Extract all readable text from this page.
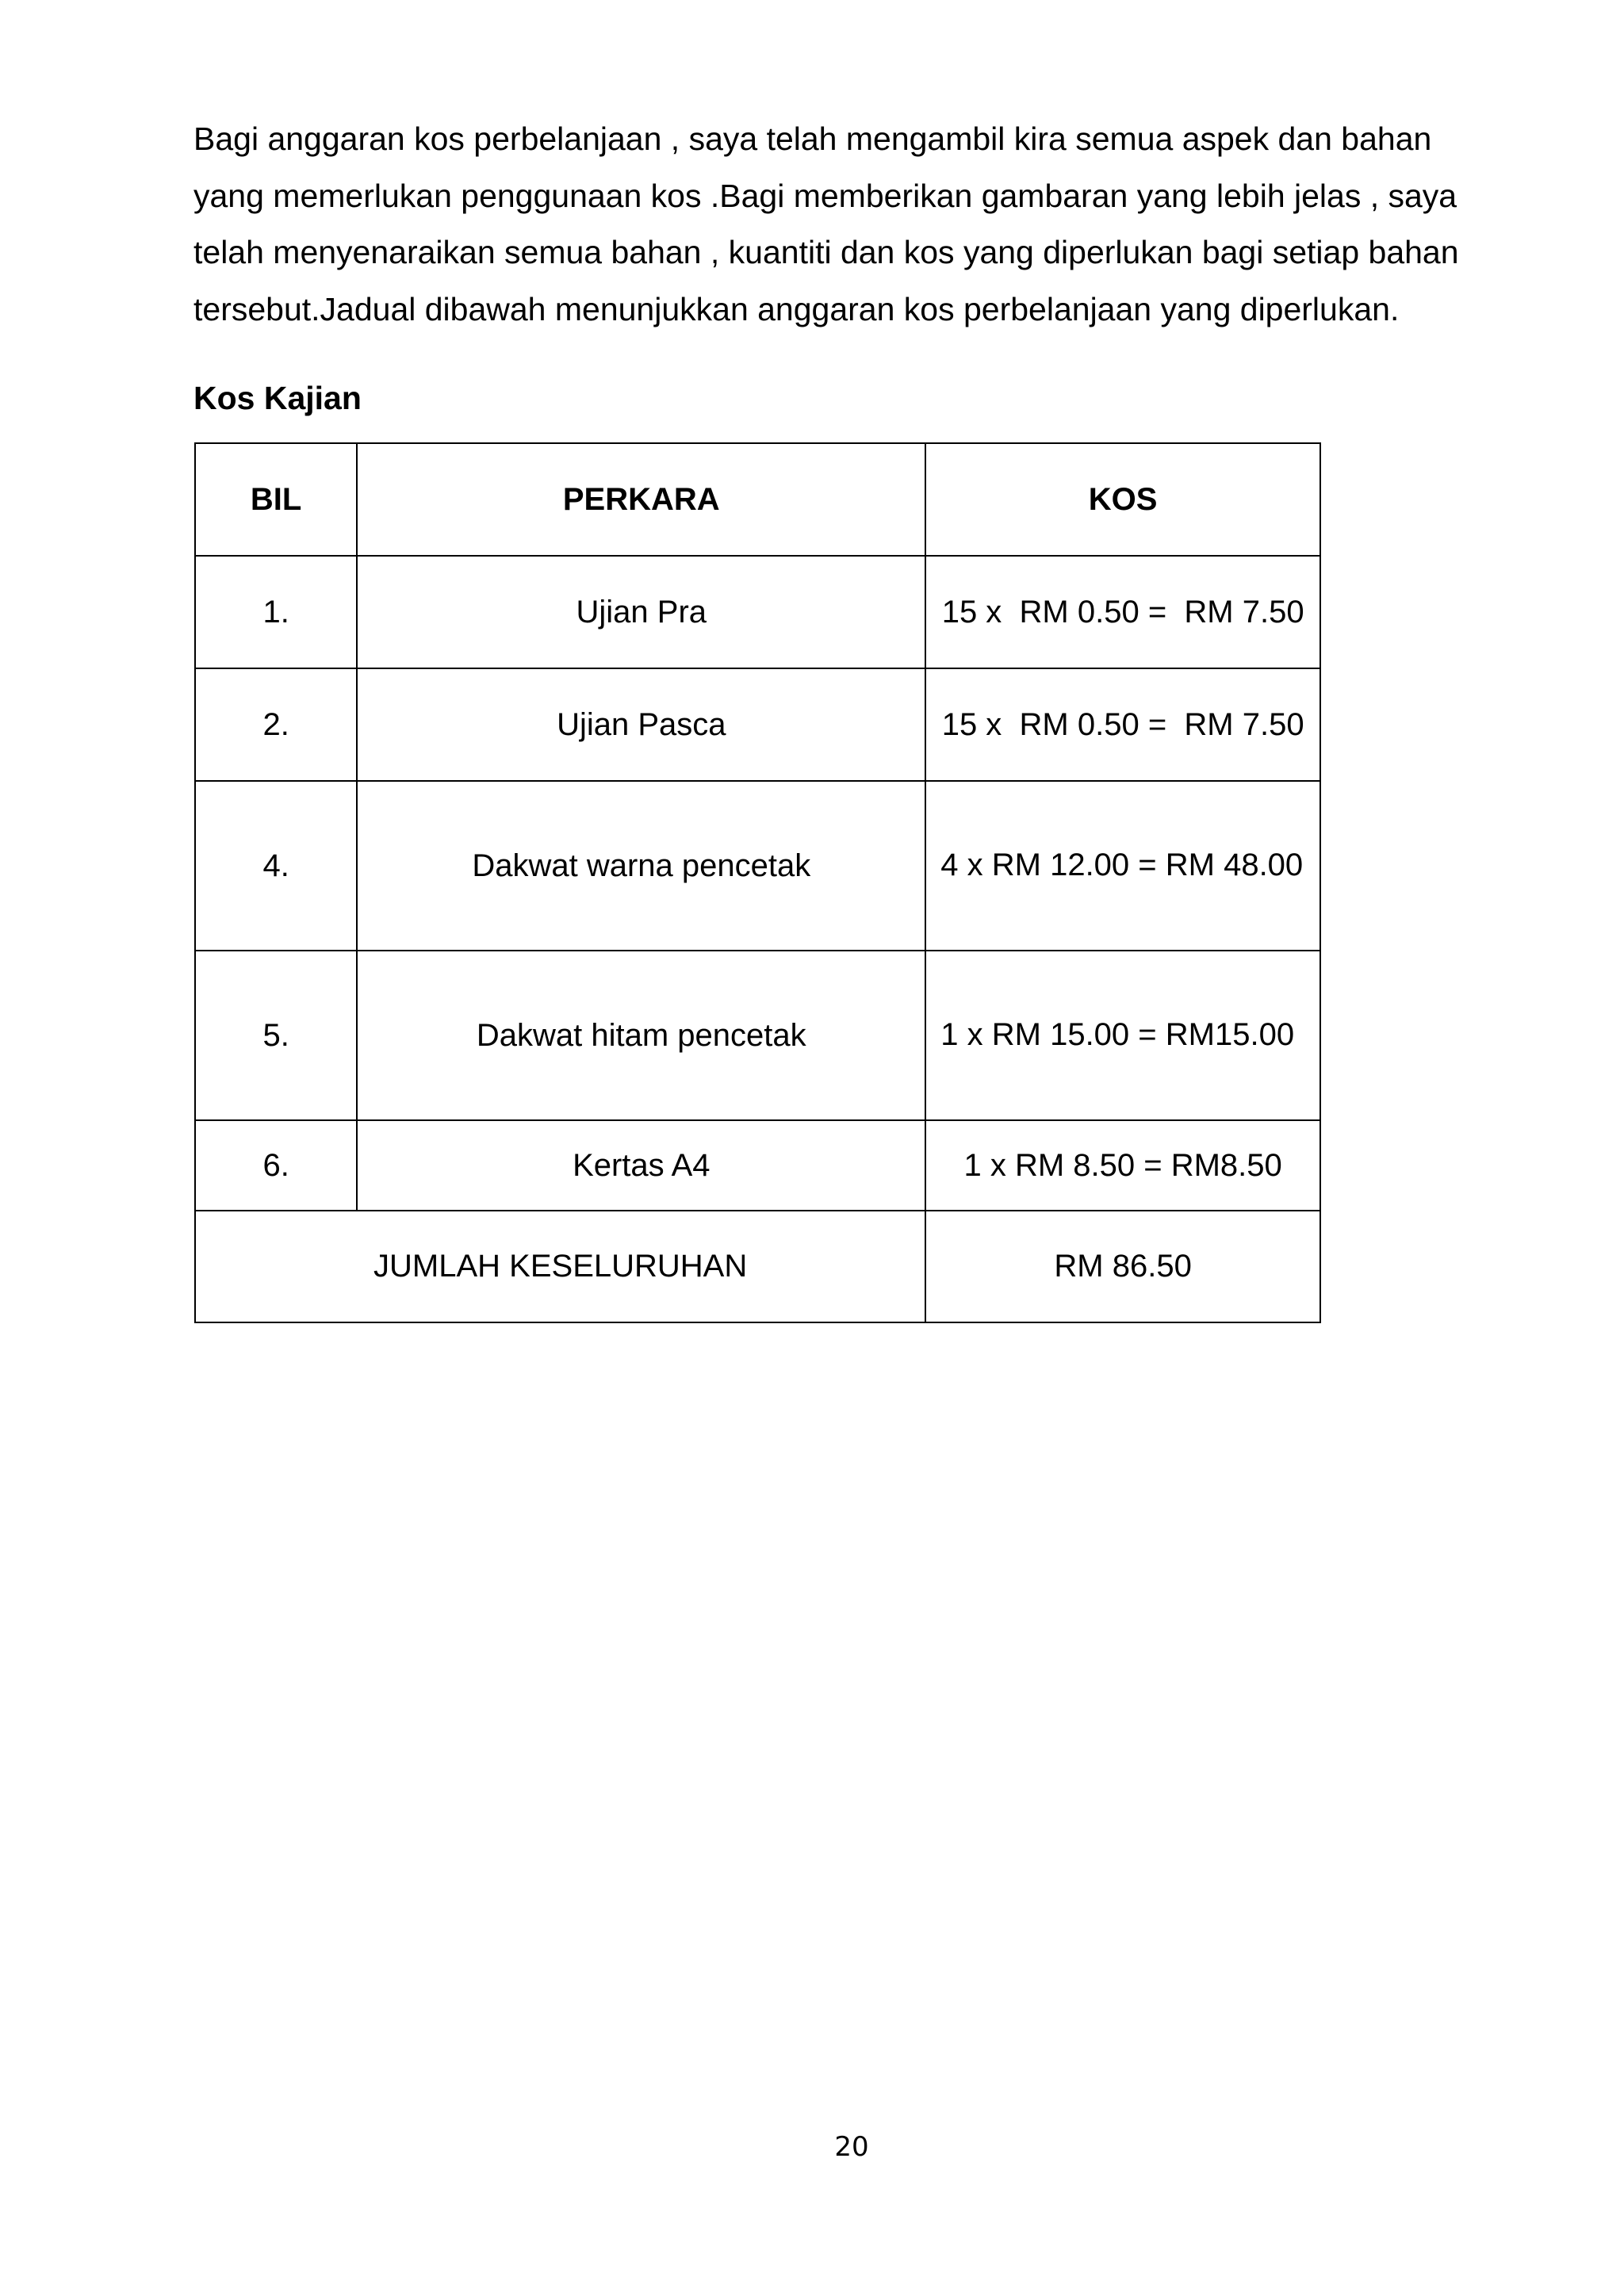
Bagi anggaran kos perbelanjaan , saya telah mengambil kira semua aspek dan bahan
yang memerlukan penggunaan kos .Bagi memberikan gambaran yang lebih jelas , saya
telah menyenaraikan semua bahan , kuantiti dan kos yang diperlukan bagi setiap bahan
tersebut.Jadual dibawah menunjukkan anggaran kos perbelanjaan yang diperlukan.
Kos Kajian
BIL	PERKARA	KOS
1.	Ujian Pra	15 x  RM 0.50 =  RM 7.50
2.	Ujian Pasca	15 x  RM 0.50 =  RM 7.50
4.	Dakwat warna pencetak	4 x RM 12.00 = RM 48.00
5.	Dakwat hitam pencetak	1 x RM 15.00 = RM15.00
6.	Kertas A4	1 x RM 8.50 = RM8.50
JUMLAH KESELURUHAN		RM 86.50

20
